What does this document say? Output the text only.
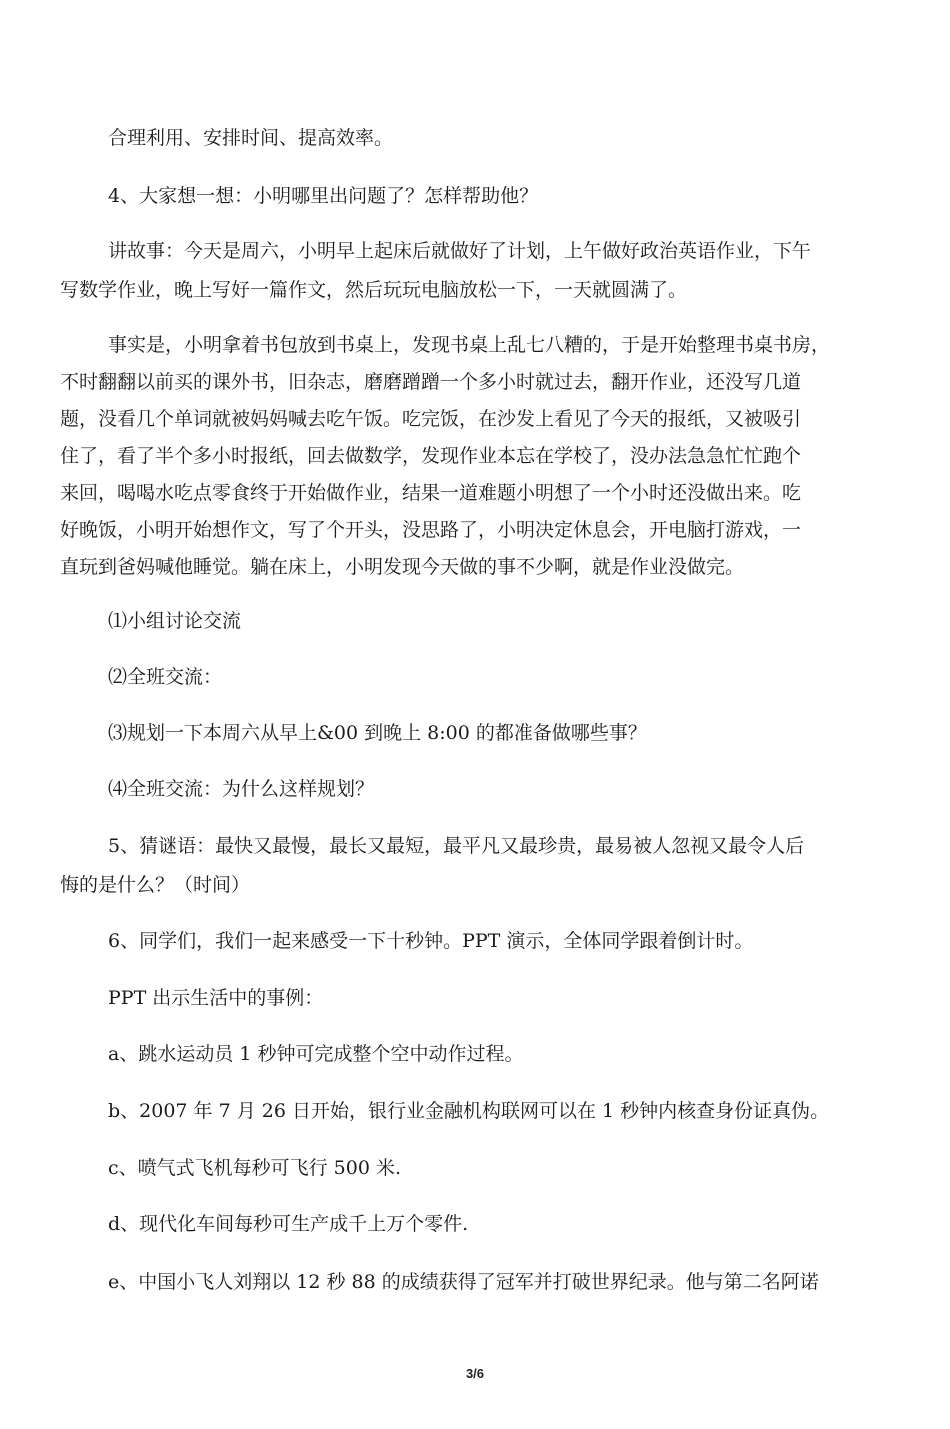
合理利用、安排时间、提高效率。
4、大家想一想：小明哪里出问题了？怎样帮助他？
讲故事：今天是周六，小明早上起床后就做好了计划，上午做好政治英语作业，下午
写数学作业，晚上写好一篇作文，然后玩玩电脑放松一下，一天就圆满了。
事实是，小明拿着书包放到书桌上，发现书桌上乱七八糟的，于是开始整理书桌书房，
不时翻翻以前买的课外书，旧杂志，磨磨蹭蹭一个多小时就过去，翻开作业，还没写几道
题，没看几个单词就被妈妈喊去吃午饭。吃完饭，在沙发上看见了今天的报纸，又被吸引
住了，看了半个多小时报纸，回去做数学，发现作业本忘在学校了，没办法急急忙忙跑个
来回，喝喝水吃点零食终于开始做作业，结果一道难题小明想了一个小时还没做出来。吃
好晚饭，小明开始想作文，写了个开头，没思路了，小明决定休息会，开电脑打游戏，一
直玩到爸妈喊他睡觉。躺在床上，小明发现今天做的事不少啊，就是作业没做完。
⑴小组讨论交流
⑵全班交流：
⑶规划一下本周六从早上&00 到晚上 8:00 的都准备做哪些事？
⑷全班交流：为什么这样规划？
5、猜谜语：最快又最慢，最长又最短，最平凡又最珍贵，最易被人忽视又最令人后
悔的是什么？（时间）
6、同学们，我们一起来感受一下十秒钟。PPT 演示，全体同学跟着倒计时。
PPT 出示生活中的事例：
a、跳水运动员 1 秒钟可完成整个空中动作过程。
b、2007 年 7 月 26 日开始，银行业金融机构联网可以在 1 秒钟内核查身份证真伪。
c、喷气式飞机每秒可飞行 500 米.
d、现代化车间每秒可生产成千上万个零件.
e、中国小飞人刘翔以 12 秒 88 的成绩获得了冠军并打破世界纪录。他与第二名阿诺
3/6
